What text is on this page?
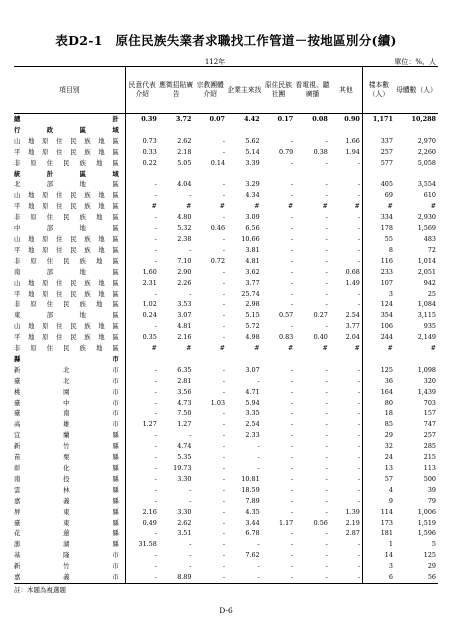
表D2-1　原住民族失業者求職找工作管道－按地區別分(續)
112年	單位：%、人
項目別	民意代表介紹	應徵招貼廣告	宗教團體介紹	企業主來找	原住民族社團	看電視、聽廣播	其他	樣本數（人）	母體數（人）

總 計	0.39	3.72	0.07	4.42	0.17	0.08	0.90	1,171	10,288

行 政 區 域									

山地原住民族地區	0.73	2.62	-	5.62	-	-	1.66	337	2,970
平地原住民族地區	0.33	2.18	-	5.14	0.79	0.38	1.94	257	2,260
非原住民族地區	0.22	5.05	0.14	3.39	-	-	-	577	5,058

統 計 區 域									

北部地區	-	4.04	-	3.29	-	-	-	405	3,554
山地原住民族地區	-	-	-	4.34	-	-	-	69	610
平地原住民族地區	#	#	#	#	#	#	#	#	#
非原住民族地區	-	4.80	-	3.09	-	-	-	334	2,930
中部地區	-	5.32	0.46	6.56	-	-	-	178	1,569
山地原住民族地區	-	2.38	-	10.66	-	-	-	55	483
平地原住民族地區	-	-	-	3.81	-	-	-	8	72
非原住民族地區	-	7.10	0.72	4.81	-	-	-	116	1,014
南部地區	1.60	2.90	-	3.62	-	-	0.68	233	2,051
山地原住民族地區	2.31	2.26	-	3.77	-	-	1.49	107	942
平地原住民族地區	-	-	-	25.74	-	-	-	3	25
非原住民族地區	1.02	3.53	-	2.98	-	-	-	124	1,084
東部地區	0.24	3.07	-	5.15	0.57	0.27	2.54	354	3,115
山地原住民族地區	-	4.81	-	5.72	-	-	3.77	106	935
平地原住民族地區	0.35	2.16	-	4.98	0.83	0.40	2.04	244	2,149
非原住民族地區	#	#	#	#	#	#	#	#	#

縣 市									

新北市	-	6.35	-	3.07	-	-	-	125	1,098
臺北市	-	2.81	-	-	-	-	-	36	320
桃園市	-	3.56	-	4.71	-	-	-	164	1,439
臺中市	-	4.73	1.03	5.94	-	-	-	80	703
臺南市	-	7.50	-	3.35	-	-	-	18	157
高雄市	1.27	1.27	-	2.54	-	-	-	85	747
宜蘭縣	-	-	-	2.33	-	-	-	29	257
新竹縣	-	4.74	-	-	-	-	-	32	285
苗栗縣	-	5.35	-	-	-	-	-	24	215
彰化縣	-	19.73	-	-	-	-	-	13	113
南投縣	-	3.30	-	10.81	-	-	-	57	500
雲林縣	-	-	-	18.59	-	-	-	4	39
嘉義縣	-	-	-	7.89	-	-	-	9	79
屏東縣	2.16	3.30	-	4.35	-	-	1.39	114	1,006
臺東縣	0.49	2.62	-	3.44	1.17	0.56	2.19	173	1,519
花蓮縣	-	3.51	-	6.78	-	-	2.87	181	1,596
澎湖縣	31.58	-	-	-	-	-	-	1	5
基隆市	-	-	-	7.62	-	-	-	14	125
新竹市	-	-	-	-	-	-	-	3	29
嘉義市	-	8.89	-	-	-	-	-	6	56
註：本題為複選題
D-6
